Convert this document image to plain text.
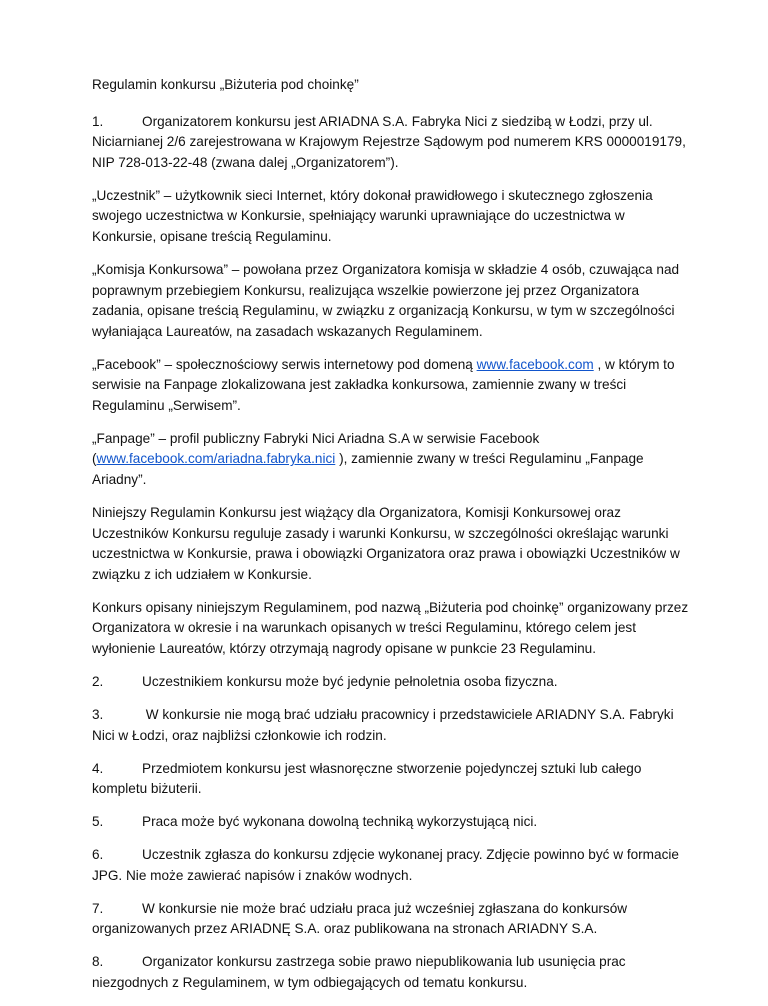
Regulamin konkursu „Biżuteria pod choinkę”

1.	Organizatorem konkursu jest ARIADNA S.A. Fabryka Nici z siedzibą w Łodzi, przy ul. Niciarnianej 2/6 zarejestrowana w Krajowym Rejestrze Sądowym pod numerem KRS 0000019179, NIP 728-013-22-48 (zwana dalej „Organizatorem”).

„Uczestnik” – użytkownik sieci Internet, który dokonał prawidłowego i skutecznego zgłoszenia swojego uczestnictwa w Konkursie, spełniający warunki uprawniające do uczestnictwa w Konkursie, opisane treścią Regulaminu.

„Komisja Konkursowa” – powołana przez Organizatora komisja w składzie 4 osób, czuwająca nad poprawnym przebiegiem Konkursu, realizująca wszelkie powierzone jej przez Organizatora zadania, opisane treścią Regulaminu, w związku z organizacją Konkursu, w tym w szczególności wyłaniająca Laureatów, na zasadach wskazanych Regulaminem.

„Facebook” – społecznościowy serwis internetowy pod domeną www.facebook.com , w którym to serwisie na Fanpage zlokalizowana jest zakładka konkursowa, zamiennie zwany w treści Regulaminu „Serwisem”.

„Fanpage” – profil publiczny Fabryki Nici Ariadna S.A w serwisie Facebook (www.facebook.com/ariadna.fabryka.nici ), zamiennie zwany w treści Regulaminu „Fanpage Ariadny”.

Niniejszy Regulamin Konkursu jest wiążący dla Organizatora, Komisji Konkursowej oraz Uczestników Konkursu reguluje zasady i warunki Konkursu, w szczególności określając warunki uczestnictwa w Konkursie, prawa i obowiązki Organizatora oraz prawa i obowiązki Uczestników w związku z ich udziałem w Konkursie.

Konkurs opisany niniejszym Regulaminem, pod nazwą „Biżuteria pod choinkę” organizowany przez Organizatora w okresie i na warunkach opisanych w treści Regulaminu, którego celem jest wyłonienie Laureatów, którzy otrzymają nagrody opisane w punkcie 23 Regulaminu.

2.	Uczestnikiem konkursu może być jedynie pełnoletnia osoba fizyczna.

3.	W konkursie nie mogą brać udziału pracownicy i przedstawiciele ARIADNY S.A. Fabryki Nici w Łodzi, oraz najbliżsi członkowie ich rodzin.

4.	Przedmiotem konkursu jest własnoręczne stworzenie pojedynczej sztuki lub całego kompletu biżuterii.

5.	Praca może być wykonana dowolną techniką wykorzystującą nici.

6.	Uczestnik zgłasza do konkursu zdjęcie wykonanej pracy. Zdjęcie powinno być w formacie JPG. Nie może zawierać napisów i znaków wodnych.

7.	W konkursie nie może brać udziału praca już wcześniej zgłaszana do konkursów organizowanych przez ARIADNĘ S.A. oraz publikowana na stronach ARIADNY S.A.

8.	Organizator konkursu zastrzega sobie prawo niepublikowania lub usunięcia prac niezgodnych z Regulaminem, w tym odbiegających od tematu konkursu.
